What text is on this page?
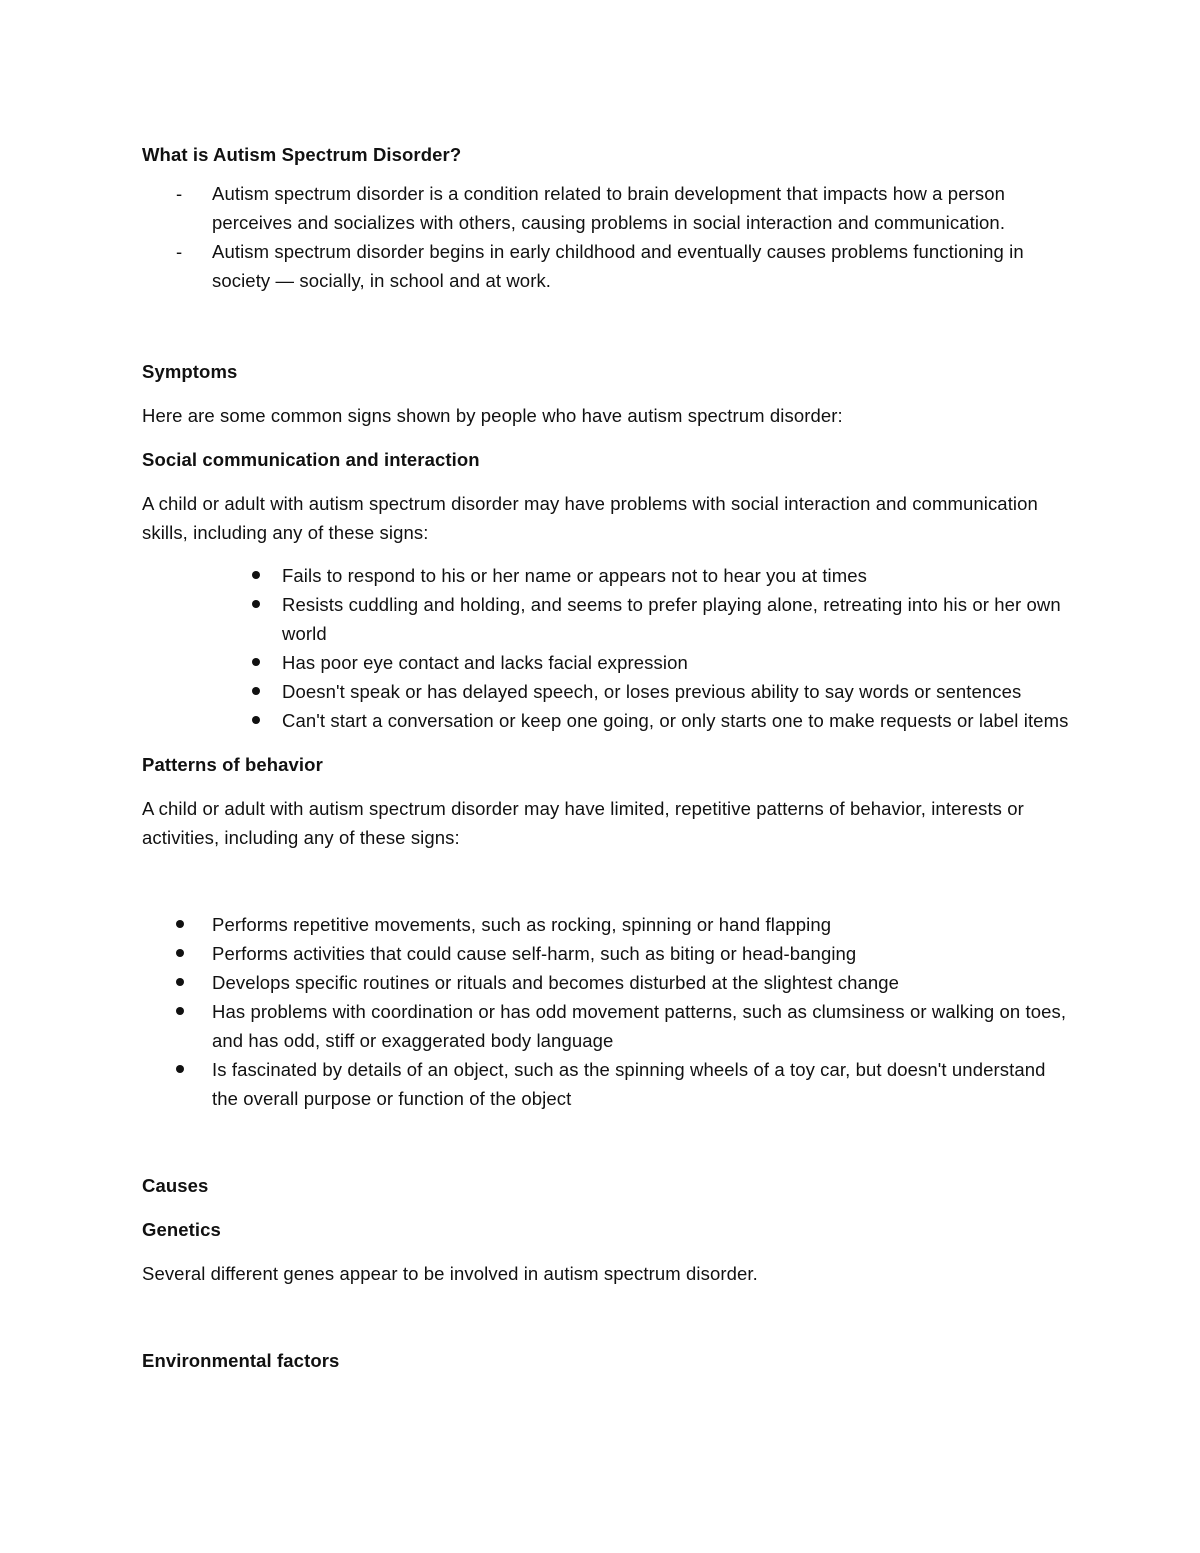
What is Autism Spectrum Disorder?

- Autism spectrum disorder is a condition related to brain development that impacts how a person perceives and socializes with others, causing problems in social interaction and communication.
- Autism spectrum disorder begins in early childhood and eventually causes problems functioning in society — socially, in school and at work.

Symptoms

Here are some common signs shown by people who have autism spectrum disorder:

Social communication and interaction

A child or adult with autism spectrum disorder may have problems with social interaction and communication skills, including any of these signs:

Fails to respond to his or her name or appears not to hear you at times
Resists cuddling and holding, and seems to prefer playing alone, retreating into his or her own world
Has poor eye contact and lacks facial expression
Doesn't speak or has delayed speech, or loses previous ability to say words or sentences
Can't start a conversation or keep one going, or only starts one to make requests or label items

Patterns of behavior

A child or adult with autism spectrum disorder may have limited, repetitive patterns of behavior, interests or activities, including any of these signs:

Performs repetitive movements, such as rocking, spinning or hand flapping
Performs activities that could cause self-harm, such as biting or head-banging
Develops specific routines or rituals and becomes disturbed at the slightest change
Has problems with coordination or has odd movement patterns, such as clumsiness or walking on toes, and has odd, stiff or exaggerated body language
Is fascinated by details of an object, such as the spinning wheels of a toy car, but doesn't understand the overall purpose or function of the object

Causes

Genetics

Several different genes appear to be involved in autism spectrum disorder.

Environmental factors
